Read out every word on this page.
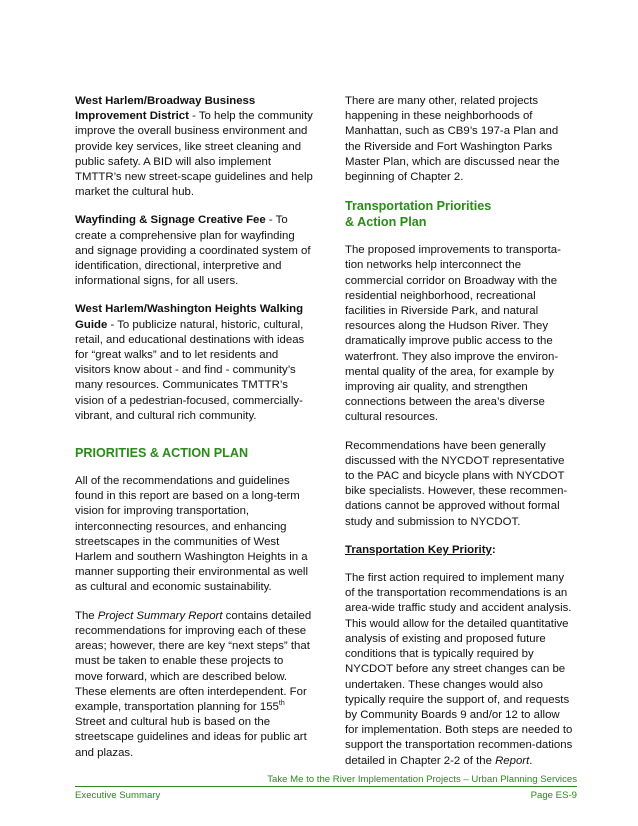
West Harlem/Broadway Business Improvement District - To help the community improve the overall business environment and provide key services, like street cleaning and public safety. A BID will also implement TMTTR’s new street-scape guidelines and help market the cultural hub.

Wayfinding & Signage Creative Fee - To create a comprehensive plan for wayfinding and signage providing a coordinated system of identification, directional, interpretive and informational signs, for all users.

West Harlem/Washington Heights Walking Guide - To publicize natural, historic, cultural, retail, and educational destinations with ideas for “great walks” and to let residents and visitors know about - and find - community’s many resources. Communicates TMTTR’s vision of a pedestrian-focused, commercially-vibrant, and cultural rich community.

PRIORITIES & ACTION PLAN

All of the recommendations and guidelines found in this report are based on a long-term vision for improving transportation, interconnecting resources, and enhancing streetscapes in the communities of West Harlem and southern Washington Heights in a manner supporting their environmental as well as cultural and economic sustainability.

The Project Summary Report contains detailed recommendations for improving each of these areas; however, there are key “next steps” that must be taken to enable these projects to move forward, which are described below. These elements are often interdependent. For example, transportation planning for 155th Street and cultural hub is based on the streetscape guidelines and ideas for public art and plazas.

There are many other, related projects happening in these neighborhoods of Manhattan, such as CB9’s 197-a Plan and the Riverside and Fort Washington Parks Master Plan, which are discussed near the beginning of Chapter 2.

Transportation Priorities
& Action Plan

The proposed improvements to transporta-tion networks help interconnect the commercial corridor on Broadway with the residential neighborhood, recreational facilities in Riverside Park, and natural resources along the Hudson River. They dramatically improve public access to the waterfront. They also improve the environ-mental quality of the area, for example by improving air quality, and strengthen connections between the area’s diverse cultural resources.

Recommendations have been generally discussed with the NYCDOT representative to the PAC and bicycle plans with NYCDOT bike specialists. However, these recommen-dations cannot be approved without formal study and submission to NYCDOT.

Transportation Key Priority:

The first action required to implement many of the transportation recommendations is an area-wide traffic study and accident analysis. This would allow for the detailed quantitative analysis of existing and proposed future conditions that is typically required by NYCDOT before any street changes can be undertaken. These changes would also typically require the support of, and requests by Community Boards 9 and/or 12 to allow for implementation. Both steps are needed to support the transportation recommen-dations detailed in Chapter 2-2 of the Report.

Take Me to the River Implementation Projects – Urban Planning Services
Executive Summary	Page ES-9
